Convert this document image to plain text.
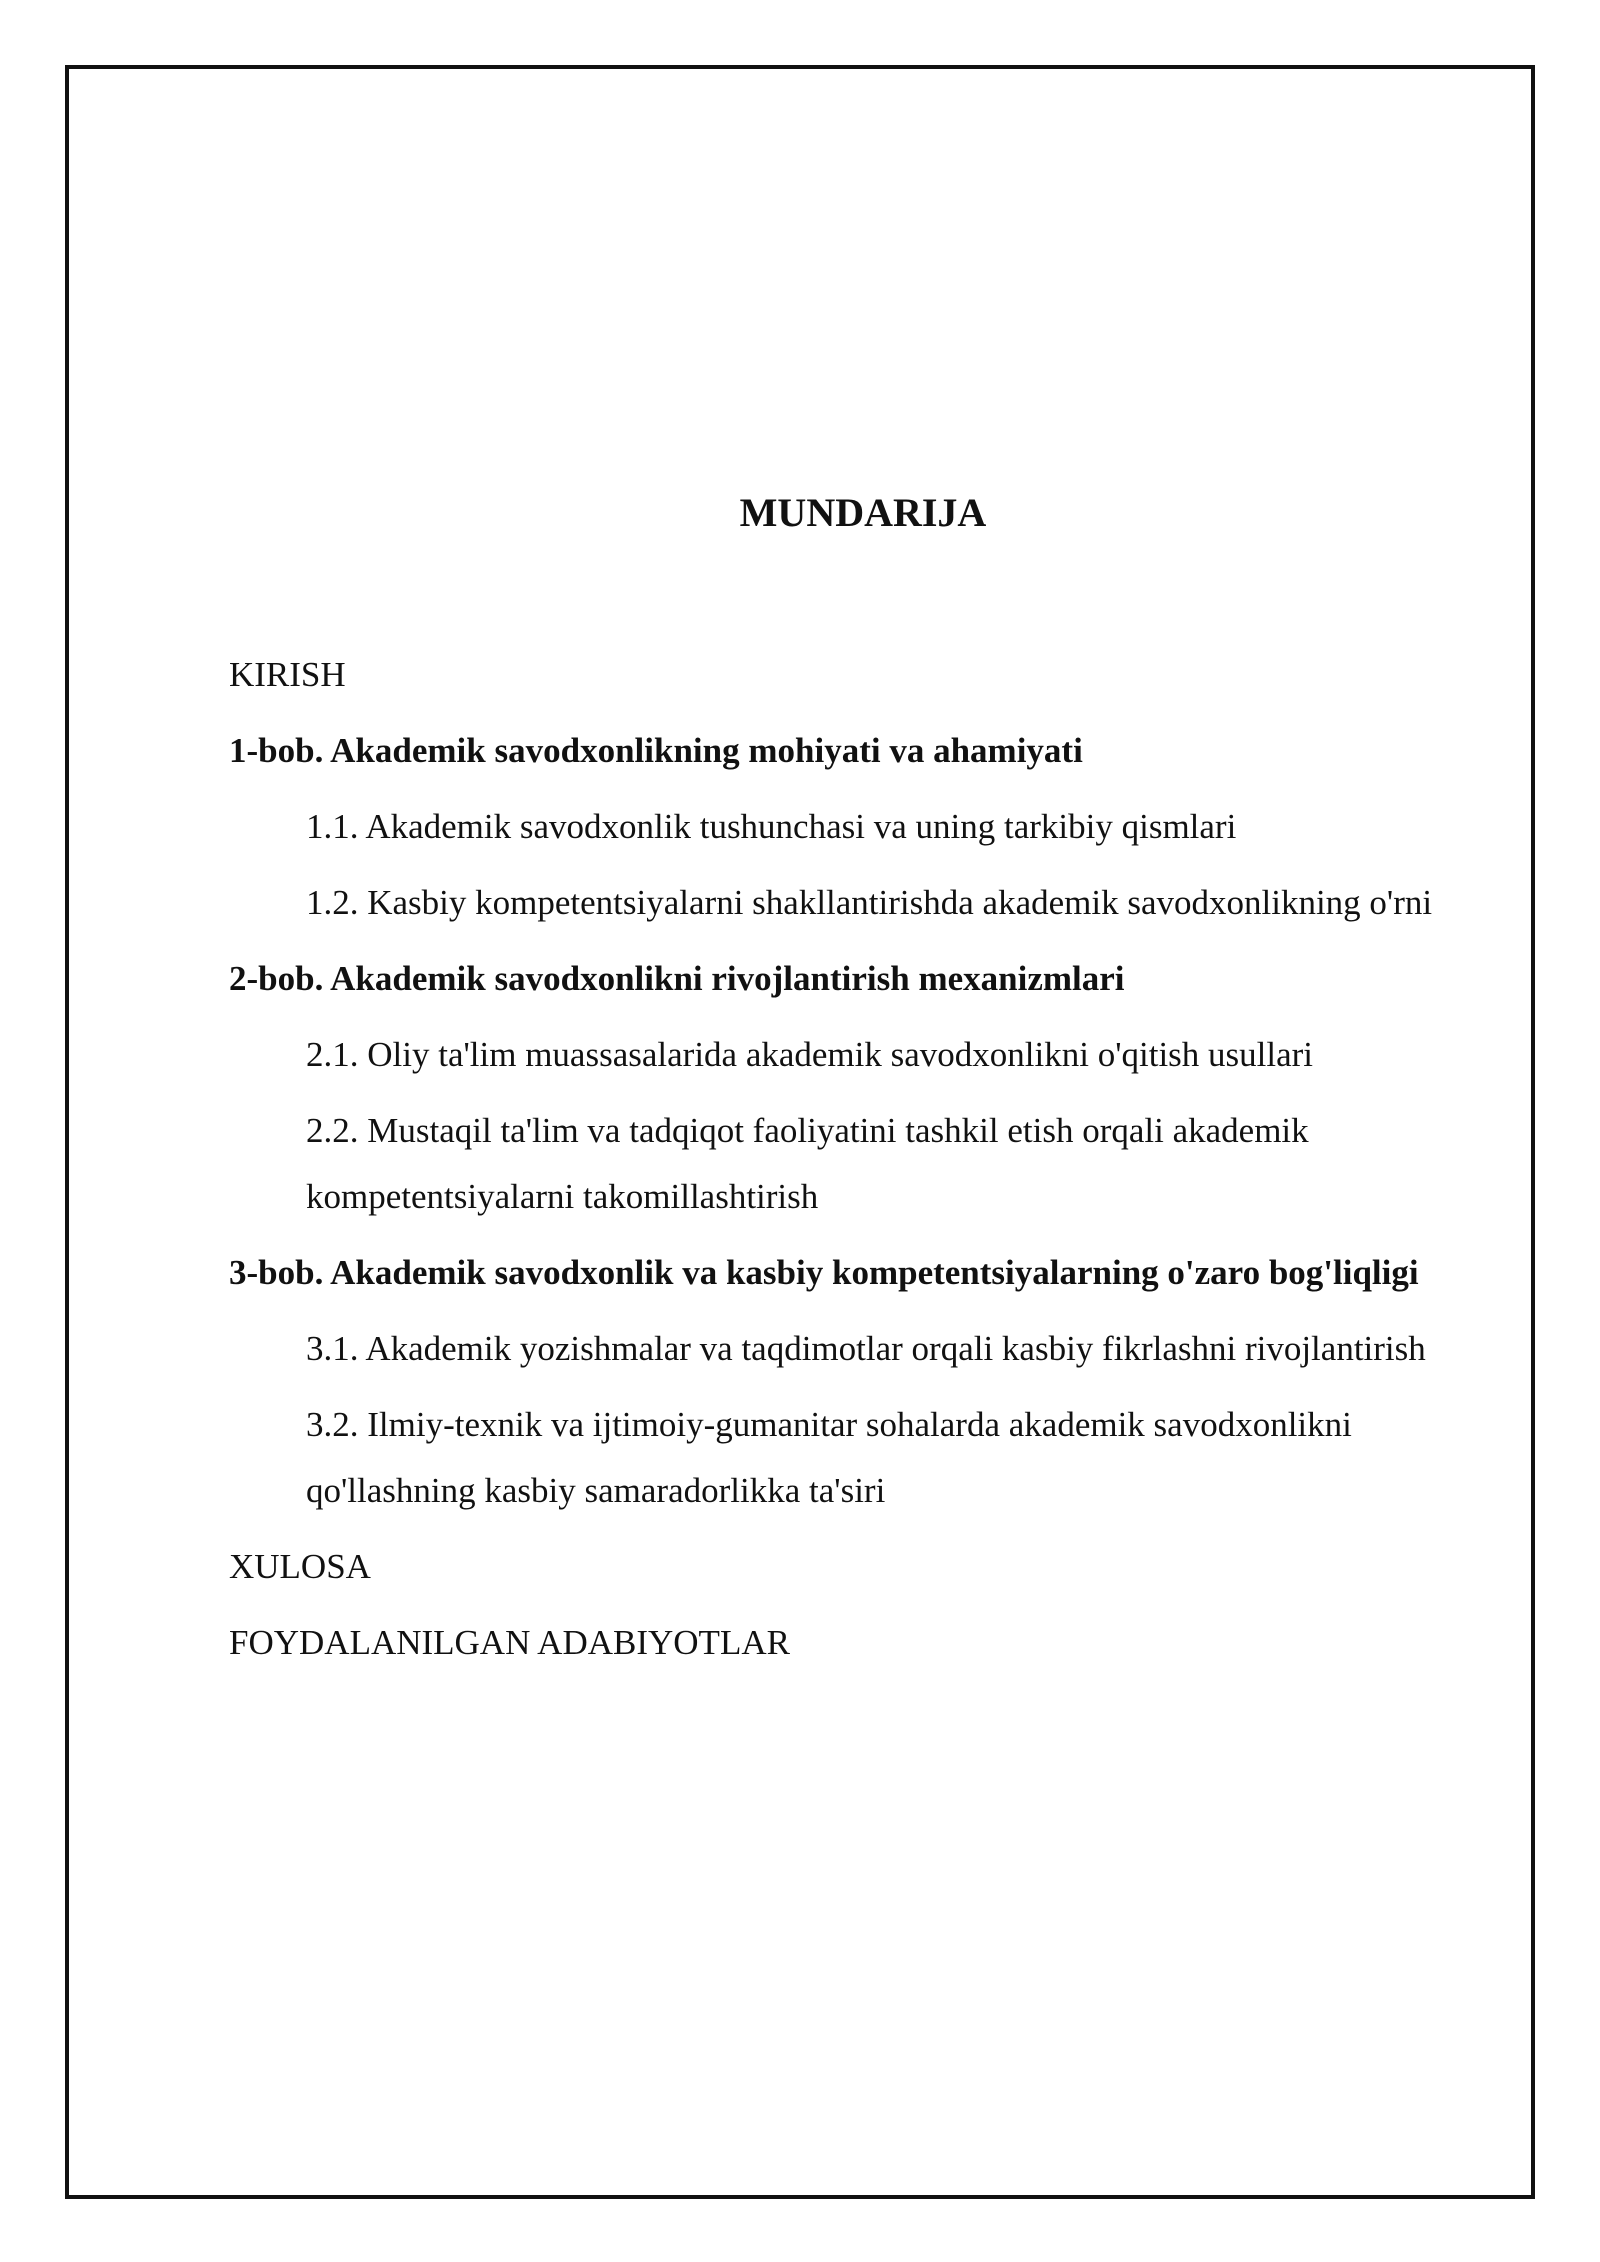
MUNDARIJA
KIRISH
1-bob. Akademik savodxonlikning mohiyati va ahamiyati
1.1. Akademik savodxonlik tushunchasi va uning tarkibiy qismlari
1.2. Kasbiy kompetentsiyalarni shakllantirishda akademik savodxonlikning o'rni
2-bob. Akademik savodxonlikni rivojlantirish mexanizmlari
2.1. Oliy ta'lim muassasalarida akademik savodxonlikni o'qitish usullari
2.2. Mustaqil ta'lim va tadqiqot faoliyatini tashkil etish orqali akademik kompetentsiyalarni takomillashtirish
3-bob. Akademik savodxonlik va kasbiy kompetentsiyalarning o'zaro bog'liqligi
3.1. Akademik yozishmalar va taqdimotlar orqali kasbiy fikrlashni rivojlantirish
3.2. Ilmiy-texnik va ijtimoiy-gumanitar sohalarda akademik savodxonlikni qo'llashning kasbiy samaradorlikka ta'siri
XULOSA
FOYDALANILGAN ADABIYOTLAR
